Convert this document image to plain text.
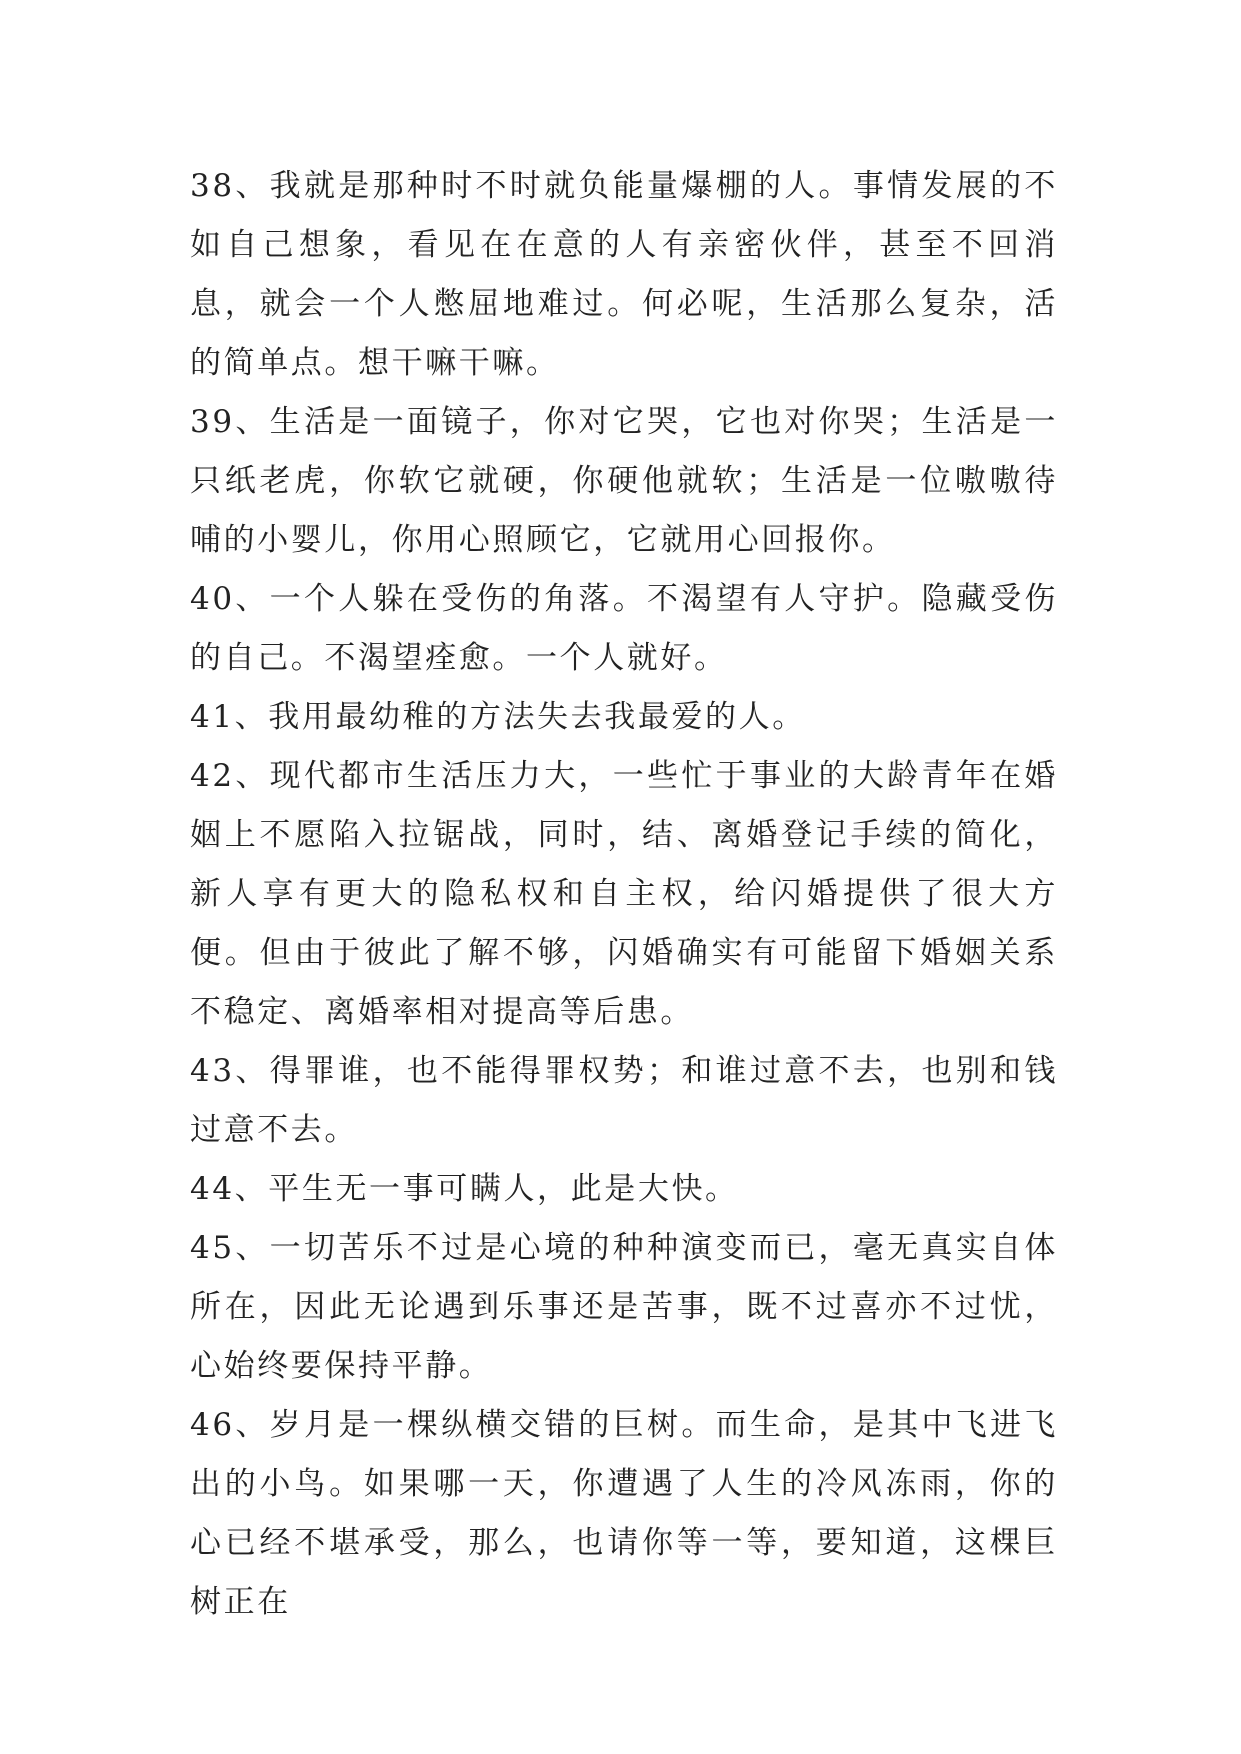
38、我就是那种时不时就负能量爆棚的人。事情发展的不如自己想象，看见在在意的人有亲密伙伴，甚至不回消息，就会一个人憋屈地难过。何必呢，生活那么复杂，活的简单点。想干嘛干嘛。

39、生活是一面镜子，你对它哭，它也对你哭；生活是一只纸老虎，你软它就硬，你硬他就软；生活是一位嗷嗷待哺的小婴儿，你用心照顾它，它就用心回报你。

40、一个人躲在受伤的角落。不渴望有人守护。隐藏受伤的自己。不渴望痊愈。一个人就好。

41、我用最幼稚的方法失去我最爱的人。

42、现代都市生活压力大，一些忙于事业的大龄青年在婚姻上不愿陷入拉锯战，同时，结、离婚登记手续的简化，新人享有更大的隐私权和自主权，给闪婚提供了很大方便。但由于彼此了解不够，闪婚确实有可能留下婚姻关系不稳定、离婚率相对提高等后患。

43、得罪谁，也不能得罪权势；和谁过意不去，也别和钱过意不去。

44、平生无一事可瞒人，此是大快。

45、一切苦乐不过是心境的种种演变而已，毫无真实自体所在，因此无论遇到乐事还是苦事，既不过喜亦不过忧，心始终要保持平静。

46、岁月是一棵纵横交错的巨树。而生命，是其中飞进飞出的小鸟。如果哪一天，你遭遇了人生的冷风冻雨，你的心已经不堪承受，那么，也请你等一等，要知道，这棵巨树正在
